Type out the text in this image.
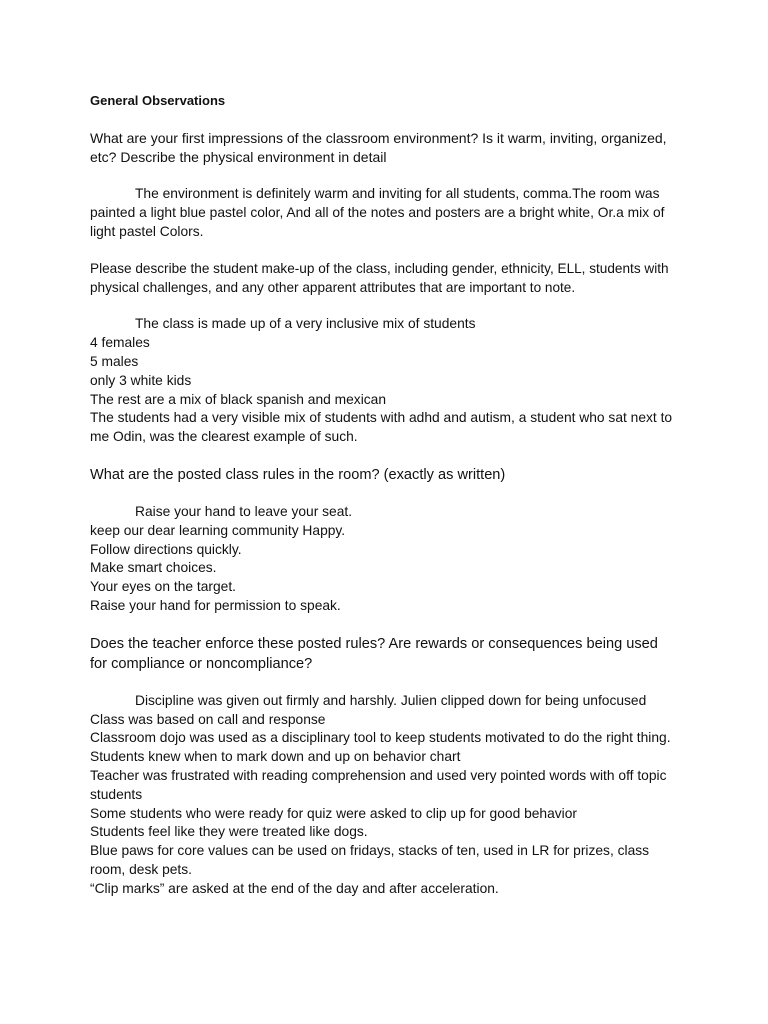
General Observations
What are your first impressions of the classroom environment? Is it warm, inviting, organized,
etc? Describe the physical environment in detail
The environment is definitely warm and inviting for all students, comma.The room was
painted a light blue pastel color, And all of the notes and posters are a bright white, Or.a mix of
light pastel Colors.
Please describe the student make-up of the class, including gender, ethnicity, ELL, students with
physical challenges, and any other apparent attributes that are important to note.
The class is made up of a very inclusive mix of students
4 females
5 males
only 3 white kids
The rest are a mix of black spanish and mexican
The students had a very visible mix of students with adhd and autism, a student who sat next to
me Odin, was the clearest example of such.
What are the posted class rules in the room? (exactly as written)
Raise your hand to leave your seat.
keep our dear learning community Happy.
Follow directions quickly.
Make smart choices.
Your eyes on the target.
Raise your hand for permission to speak.
Does the teacher enforce these posted rules? Are rewards or consequences being used
for compliance or noncompliance?
Discipline was given out firmly and harshly. Julien clipped down for being unfocused
Class was based on call and response
Classroom dojo was used as a disciplinary tool to keep students motivated to do the right thing.
Students knew when to mark down and up on behavior chart
Teacher was frustrated with reading comprehension and used very pointed words with off topic
students
Some students who were ready for quiz were asked to clip up for good behavior
Students feel like they were treated like dogs.
Blue paws for core values can be used on fridays, stacks of ten, used in LR for prizes, class
room, desk pets.
“Clip marks” are asked at the end of the day and after acceleration.
